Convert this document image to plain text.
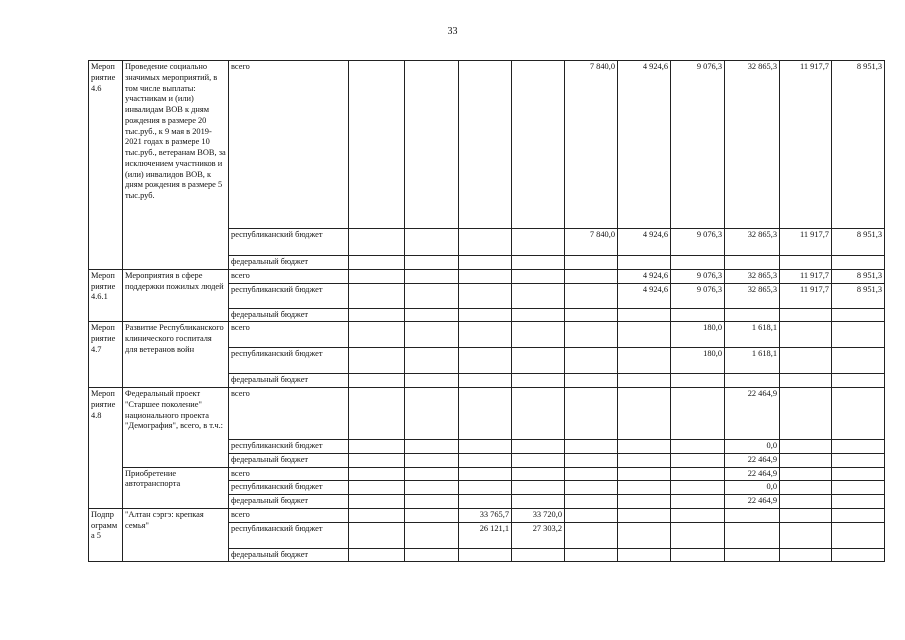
33
Мероп риятие 4.6	Проведение социально значимых мероприятий, в том числе выплаты: участникам и (или) инвалидам ВОВ к дням рождения в размере 20 тыс.руб., к 9 мая в 2019-2021 годах в размере 10 тыс.руб., ветеранам ВОВ, за исключением участников и (или) инвалидов ВОВ, к дням рождения в размере 5 тыс.руб.	всего					7 840,0	4 924,6	9 076,3	32 865,3	11 917,7	8 951,3
		республиканский бюджет					7 840,0	4 924,6	9 076,3	32 865,3	11 917,7	8 951,3
		федеральный бюджет										
Мероп риятие 4.6.1	Мероприятия в сфере поддержки пожилых людей	всего						4 924,6	9 076,3	32 865,3	11 917,7	8 951,3
		республиканский бюджет						4 924,6	9 076,3	32 865,3	11 917,7	8 951,3
		федеральный бюджет										
Мероп риятие 4.7	Развитие Республиканского клинического госпиталя для ветеранов войн	всего							180,0	1 618,1		
		республиканский бюджет							180,0	1 618,1		
		федеральный бюджет										
Мероп риятие 4.8	Федеральный проект "Старшее поколение" национального проекта "Демография", всего, в т.ч.:	всего								22 464,9		
		республиканский бюджет								0,0		
		федеральный бюджет								22 464,9		
	Приобретение автотранспорта	всего								22 464,9		
		республиканский бюджет								0,0		
		федеральный бюджет								22 464,9		
Подпр ограмм а 5	"Алтан сэргэ: крепкая семья"	всего			33 765,7	33 720,0						
		республиканский бюджет			26 121,1	27 303,2						
		федеральный бюджет										
